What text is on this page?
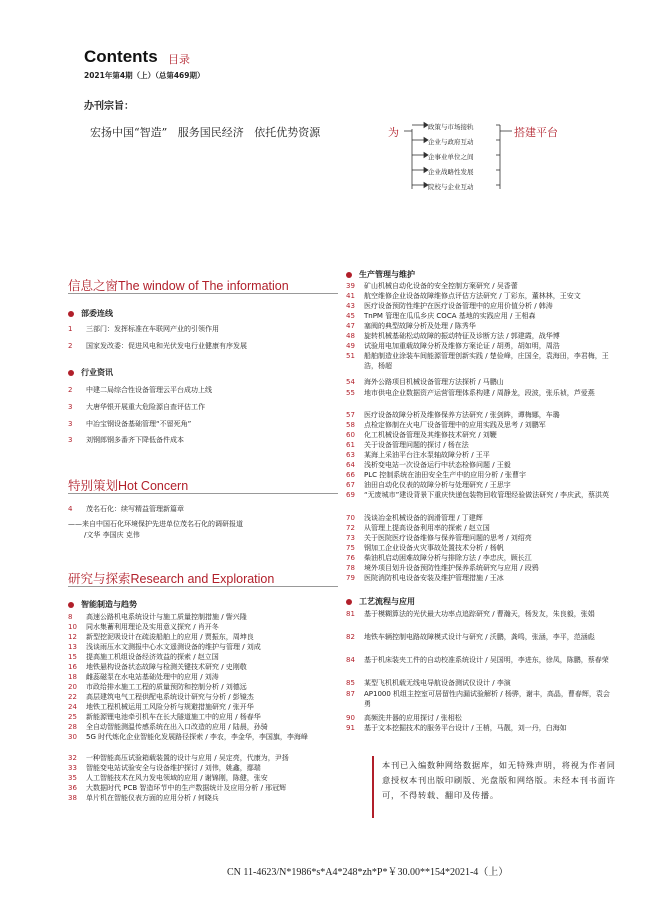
Contents 目录
2021年第4期（上）（总第469期）
办刊宗旨：
宏扬中国“智造”   服务国民经济   依托优势资源	为	搭建平台
政策与市场接轨
企业与政府互动
企事业单位之间
企业战略性发展
院校与企业互动
信息之窗The window of The information
部委连线
1	三部门：发挥标准在车联网产业的引领作用
2	国家发改委：促进风电和光伏发电行业健康有序发展
行业资讯
2	中建二局综合性设备管理云平台成功上线
3	大唐华银开展重大危险源自查评估工作
3	中冶宝钢设备基础管理“不留死角”
3	刘钢郎钢多番齐下降低备件成本
特别策划Hot Concern
4	茂名石化：续写精益管理新篇章
——来自中国石化环境保护先进单位茂名石化的调研报道
/文华 李国庆 克伟
研究与探索Research and Exploration
智能制造与趋势
8	高速公路机电系统设计与施工质量控制措施 / 訾兴隆
10	同水集蓄利用理论及实用意义探究 / 肖开冬
12	新型挖泥吸设计在疏浚船舶上的应用 / 贾振东，周坤良
13	浅谈雨压水文测报中心水文遥测设备的维护与管理 / 刘成
15	提高施工机组设备经济效益的探索 / 赵立国
16	地铁悬构设备状态故障与检测关键技术研究 / 史刚敬
18	雌蕊磁泵在水电站基础处理中的应用 / 刘涛
20	市政给排水施工工程的质量预防和控制分析 / 刘德远
22	高层建筑电气工程供配电系统设计研究与分析 / 彭镜杰
24	地铁工程机械运用工风险分析与规避措施研究 / 张开华
25	新能源锂电池牵引机车在长大隧道施工中的应用 / 杨春华
28	全自动智能测温传感系统在出入口改造的应用 / 陆晨，孙骑
30	5G 时代炼化企业智能化发展路径探索 / 李农，李金华，李国旗，李海峰
32	一种智能高压试验箱载装置的设计与应用 / 吴定亮，代康为，尹扬
33	智能变电站试验安全与设备维护探讨 / 刘伟，姚鑫，鄢瑞
35	人工智能技术在风力发电领域的应用 / 谢锦刚，陈健，张安
36	大数据时代 PCB 智造环节中的生产数据统计及应用分析 / 邢冠辉
38	单片机在智能仪表方面的应用分析 / 何晓兵
生产管理与维护
39	矿山机械自动化设备的安全控制方案研究 / 吴香蕾
41	航空维修企业设备故障维修点评估方法研究 / 丁彩东，董林林，王安文
43	医疗设备预防性维护在医疗设备管理中的应用价值分析 / 韩涛
45	TnPM 管理在瓜瓜乡庆 COCA 基地的实践应用 / 王相森
47	塞阀的典型故障分析及处理 / 陈秀华
48	旋转机械基础松动故障的振动特征及诊断方法 / 郭建霞，战华博
49	试验用电加重载故障分析及维修方案论证 / 胡勇，胡如明，周浩
51	船舶制造业涂装车间能源管理创新实践 / 楚俭峰，庄国全，袁海田，李君梅，王浩，杨超
54	海外公路项目机械设备管理方法探析 / 马鹏山
55	地市供电企业数据资产运营管理体系构建 / 周静龙，段波，张乐祯，芦爱燕
57	医疗设备故障分析及维修保养方法研究 / 张剑眸，谭梅娜，车璐
58	点检定修制在火电厂设备管理中的应用实践及思考 / 刘鹏军
60	化工机械设备管理及其维修技术研究 / 刘鞭
61	关于设备管理问题的探讨 / 杨在法
63	某海上采油平台注水泵轴故障分析 / 王平
64	浅析变电站一次设备运行中状态检修问题 / 王毅
66	PLC 控制系统在油田安全生产中的应用分析 / 张曹宇
67	油田自动化仪表的故障分析与处理研究 / 王思宇
69	“无废城市”建设背景下重庆快递包装物回收管理经验做法研究 / 李庆武，蔡洪英
70	浅谈冶金机械设备的润滑管理 / 丁建辉
72	从管理上提高设备利用率的探索 / 赵立国
73	关于医院医疗设备维修与保养管理问题的思考 / 刘绍亮
75	钢加工企业设备火灾事故处置技术分析 / 杨帆
76	柴油机启动困难故障分析与排除方法 / 李忠庆，顾长江
78	境外项目划升设备预防性维护保养系统研究与应用 / 段鸦
79	医院消防机电设备安装及维护管理措施 / 王冰
工艺流程与应用
81	基于模糊算法的光伏最大功率点追踪研究 / 曹瀚天，杨发友，朱良毅，张娟
82	地铁车辆控制电路故障模式设计与研究 / 沃鹏，龚鸣，张涵，李平，范涵彪
84	基于机床装夹工件的自动校准系统设计 / 吴国明，李进东，徐凤，陈鹏，蔡春荣
85	某型飞机机载无线电导航设备测试仪设计 / 李演
87	AP1000 机组主控室可居留性内漏试验解析 / 杨骅，谢丰，高晶，曹春辉，袁会勇
90	高频洗井器的应用探讨 / 张相松
91	基于文本挖掘技术的服务平台设计 / 王梢，马靓，刘一丹，白海如
本刊已入编数种网络数据库，如无特殊声明，将视为作者同意授权本刊出版印刷版、光盘版和网络版。未经本刊书面许可，不得转载、翻印及传播。
CN 11-4623/N*1986*s*A4*248*zh*P*￥30.00**154*2021-4（上）
